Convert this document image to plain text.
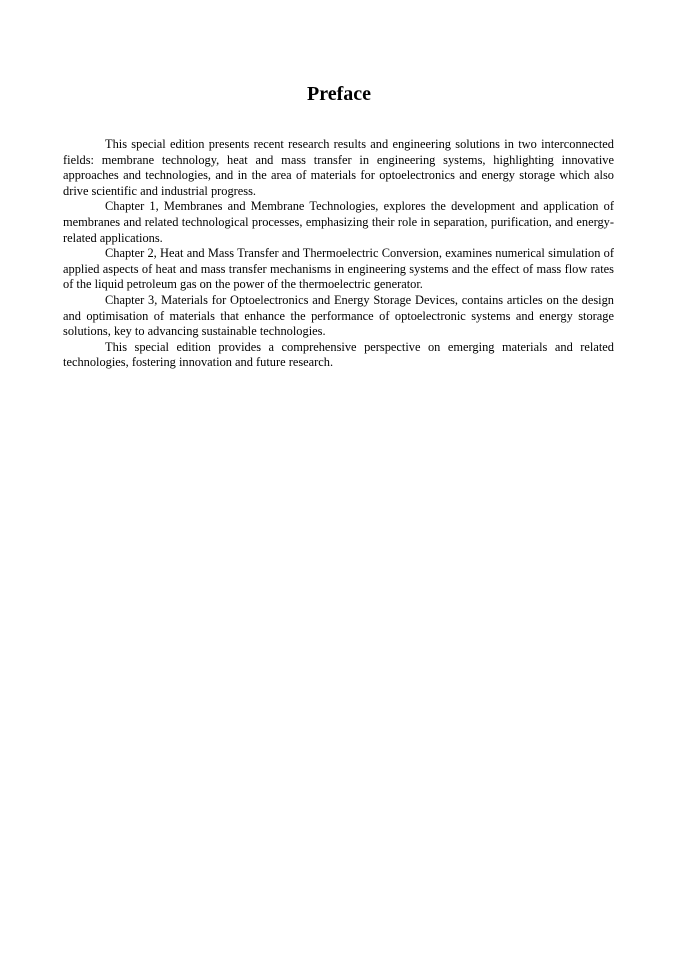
Preface

This special edition presents recent research results and engineering solutions in two interconnected fields: membrane technology, heat and mass transfer in engineering systems, highlighting innovative approaches and technologies, and in the area of materials for optoelectronics and energy storage which also drive scientific and industrial progress.

Chapter 1, Membranes and Membrane Technologies, explores the development and application of membranes and related technological processes, emphasizing their role in separation, purification, and energy-related applications.

Chapter 2, Heat and Mass Transfer and Thermoelectric Conversion, examines numerical simulation of applied aspects of heat and mass transfer mechanisms in engineering systems and the effect of mass flow rates of the liquid petroleum gas on the power of the thermoelectric generator.

Chapter 3, Materials for Optoelectronics and Energy Storage Devices, contains articles on the design and optimisation of materials that enhance the performance of optoelectronic systems and energy storage solutions, key to advancing sustainable technologies.

This special edition provides a comprehensive perspective on emerging materials and related technologies, fostering innovation and future research.
